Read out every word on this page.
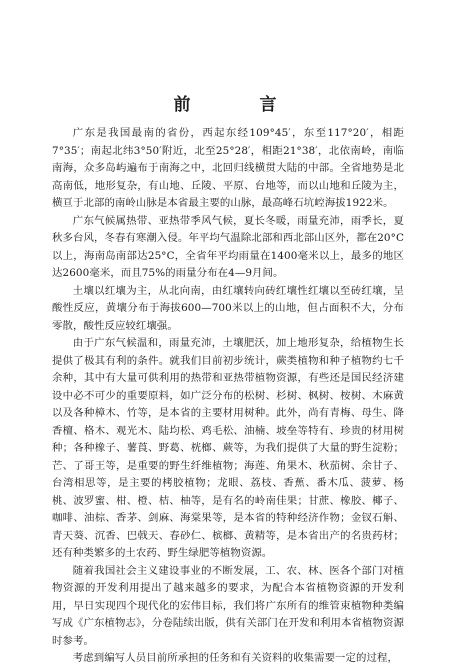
前　言

广东是我国最南的省份，西起东经109°45′，东至117°20′，相距7°35′；南起北纬3°50′附近，北至25°28′，相距21°38′，北依南岭，南临南海，众多岛屿遍布于南海之中，北回归线横贯大陆的中部。全省地势是北高南低，地形复杂，有山地、丘陵、平原、台地等，而以山地和丘陵为主，横亘于北部的南岭山脉是本省最主要的山脉，最高峰石坑崆海拔1922米。

广东气候属热带、亚热带季风气候，夏长冬暖，雨量充沛，雨季长，夏秋多台风，冬春有寒潮入侵。年平均气温除北部和西北部山区外，都在20°C以上，海南岛南部达25°C，全省年平均雨量在1400毫米以上，最多的地区达2600毫米，而且75%的雨量分布在4—9月间。

土壤以红壤为主，从北向南，由红壤转向砖红壤性红壤以至砖红壤，呈酸性反应，黄壤分布于海拔600—700米以上的山地，但占面积不大，分布零散，酸性反应较红壤强。

由于广东气候温和，雨量充沛，土壤肥沃，加上地形复杂，给植物生长提供了极其有利的条件。就我们目前初步统计，蕨类植物和种子植物约七千余种，其中有大量可供利用的热带和亚热带植物资源，有些还是国民经济建设中必不可少的重要原料，如广泛分布的松树、杉树、枫树、桉树、木麻黄以及各种樟木、竹等，是本省的主要材用树种。此外，尚有青梅、母生、降香檀、格木、观光木、陆均松、鸡毛松、油楠、坡垒等特有、珍贵的材用树种；各种橡子、薯莨、野葛、桄榔、蕨等，为我们提供了大量的野生淀粉；芒、了哥王等，是重要的野生纤维植物；海莲、角果木、秋茄树、余甘子、台湾相思等，是主要的栲胶植物；龙眼、荔枝、香蕉、番木瓜、菠萝、杨桃、波罗蜜、柑、橙、桔、柚等，是有名的岭南佳果；甘蔗、橡胶、椰子、咖啡、油棕、香茅、剑麻、海棠果等，是本省的特种经济作物；金钗石斛、青天葵、沉香、巴戟天、春砂仁、槟榔、黄精等，是本省出产的名贵药材；还有种类繁多的土农药、野生绿肥等植物资源。

随着我国社会主义建设事业的不断发展，工、农、林、医各个部门对植物资源的开发利用提出了越来越多的要求，为配合本省植物资源的开发利用，早日实现四个现代化的宏伟目标，我们将广东所有的维管束植物种类编写成《广东植物志》，分卷陆续出版，供有关部门在开发和利用本省植物资源时参考。

考虑到编写人员目前所承担的任务和有关资料的收集需要一定的过程，
